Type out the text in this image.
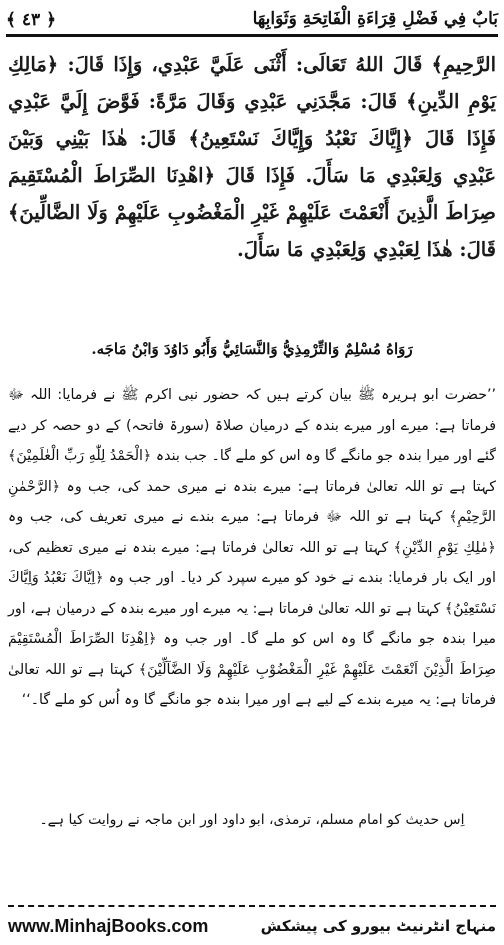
﴿ ٤٣ ﴾	بَابٌ فِي فَضْلِ قِرَاءَةِ الْفَاتِحَةِ وَثَوَابِهَا
الرَّحِيمِ﴾ قَالَ اللهُ تَعَالَى: أَثْنَى عَلَيَّ عَبْدِي، وَإِذَا قَالَ: ﴿مَالِكِ يَوْمِ الدِّينِ﴾ قَالَ: مَجَّدَنِي عَبْدِي وَقَالَ مَرَّةً: فَوَّضَ إِلَيَّ عَبْدِي فَإِذَا قَالَ ﴿إِيَّاكَ نَعْبُدُ وَإِيَّاكَ نَسْتَعِينُ﴾ قَالَ: هٰذَا بَيْنِي وَبَيْنَ عَبْدِي وَلِعَبْدِي مَا سَأَلَ. فَإِذَا قَالَ ﴿اهْدِنَا الصِّرَاطَ الْمُسْتَقِيمَ صِرَاطَ الَّذِينَ أَنْعَمْتَ عَلَيْهِمْ غَيْرِ الْمَغْضُوبِ عَلَيْهِمْ وَلَا الضَّالِّينَ﴾ قَالَ: هٰذَا لِعَبْدِي وَلِعَبْدِي مَا سَأَلَ.
رَوَاهُ مُسْلِمٌ وَالتِّرْمِذِيُّ وَالنَّسَائِيُّ وَأَبُو دَاوُدَ وَابْنُ مَاجَه.
’’حضرت ابو ہریرہ ﷺ بیان کرتے ہیں کہ حضور نبی اکرم ﷺ نے فرمایا: اللہ ﷻ فرماتا ہے: میرے اور میرے بندہ کے درمیان صلاۃ (سورۃ فاتحہ) کے دو حصہ کر دیے گئے اور میرا بندہ جو مانگے گا وہ اس کو ملے گا۔ جب بندہ ﴿الْحَمْدُ لِلّٰهِ رَبِّ الْعٰلَمِيْنَ﴾ کہتا ہے تو اللہ تعالیٰ فرماتا ہے: میرے بندہ نے میری حمد کی، جب وہ ﴿الرَّحْمٰنِ الرَّحِيْمِ﴾ کہتا ہے تو اللہ ﷻ فرماتا ہے: میرے بندے نے میری تعریف کی، جب وہ ﴿مٰلِكِ يَوْمِ الدِّيْنِ﴾ کہتا ہے تو اللہ تعالیٰ فرماتا ہے: میرے بندہ نے میری تعظیم کی، اور ایک بار فرمایا: بندے نے خود کو میرے سپرد کر دیا۔ اور جب وہ ﴿اِيَّاكَ نَعْبُدُ وَاِيَّاكَ نَسْتَعِيْنُ﴾ کہتا ہے تو اللہ تعالیٰ فرماتا ہے: یہ میرے اور میرے بندہ کے درمیان ہے، اور میرا بندہ جو مانگے گا وہ اس کو ملے گا۔ اور جب وہ ﴿اِهْدِنَا الصِّرَاطَ الْمُسْتَقِيْمَ صِرَاطَ الَّذِيْنَ اَنْعَمْتَ عَلَيْهِمْ غَيْرِ الْمَغْضُوْبِ عَلَيْهِمْ وَلَا الضَّآلِّيْنَ﴾ کہتا ہے تو اللہ تعالیٰ فرماتا ہے: یہ میرے بندے کے لیے ہے اور میرا بندہ جو مانگے گا وہ اُس کو ملے گا۔‘‘
اِس حدیث کو امام مسلم، ترمذی، ابو داود اور ابن ماجہ نے روایت کیا ہے۔
www.MinhajBooks.com	منہاج انٹرنیٹ بیورو کی پیشکش
